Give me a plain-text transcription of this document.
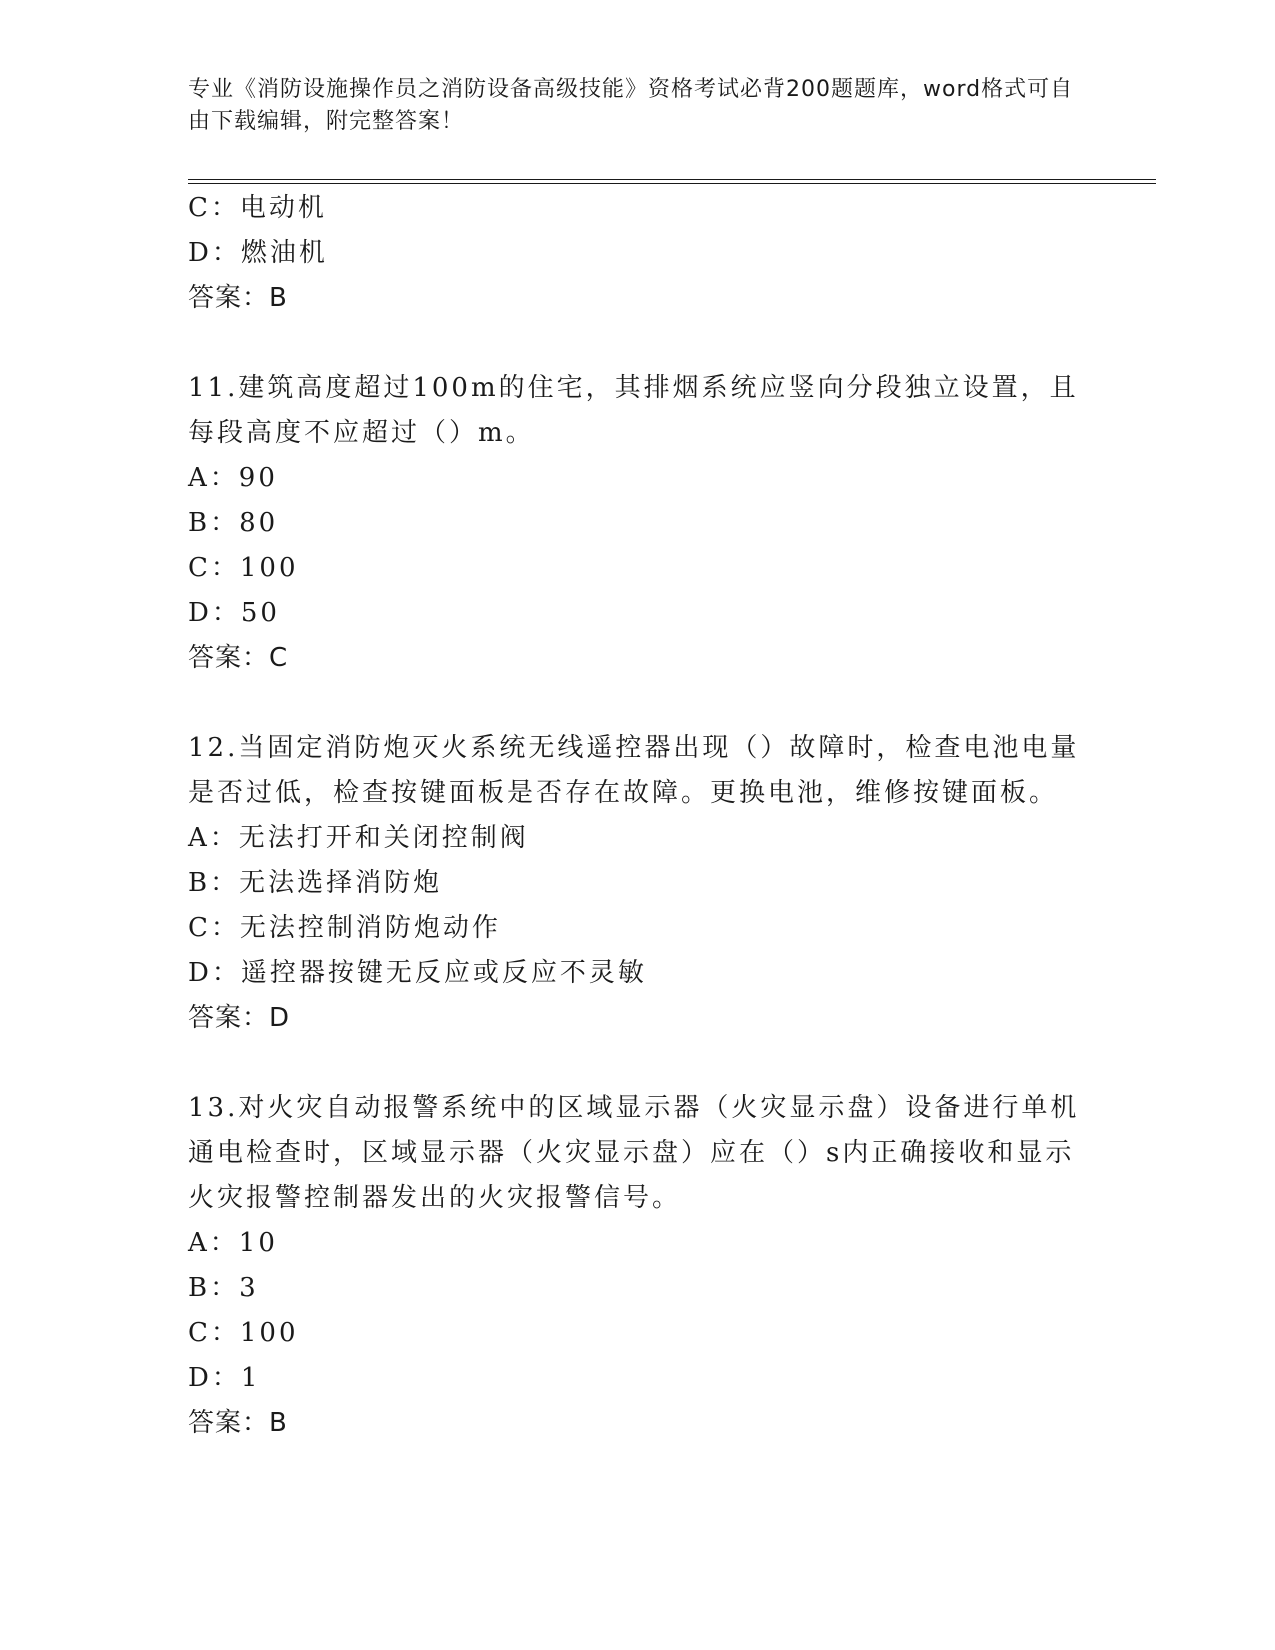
专业《消防设施操作员之消防设备高级技能》资格考试必背200题题库，word格式可自由下载编辑，附完整答案！
C：电动机
D：燃油机
答案：B
11.建筑高度超过100m的住宅，其排烟系统应竖向分段独立设置，且
每段高度不应超过（）m。
A：90
B：80
C：100
D：50
答案：C
12.当固定消防炮灭火系统无线遥控器出现（）故障时，检查电池电量
是否过低，检查按键面板是否存在故障。更换电池，维修按键面板。
A：无法打开和关闭控制阀
B：无法选择消防炮
C：无法控制消防炮动作
D：遥控器按键无反应或反应不灵敏
答案：D
13.对火灾自动报警系统中的区域显示器（火灾显示盘）设备进行单机
通电检查时，区域显示器（火灾显示盘）应在（）s内正确接收和显示
火灾报警控制器发出的火灾报警信号。
A：10
B：3
C：100
D：1
答案：B
